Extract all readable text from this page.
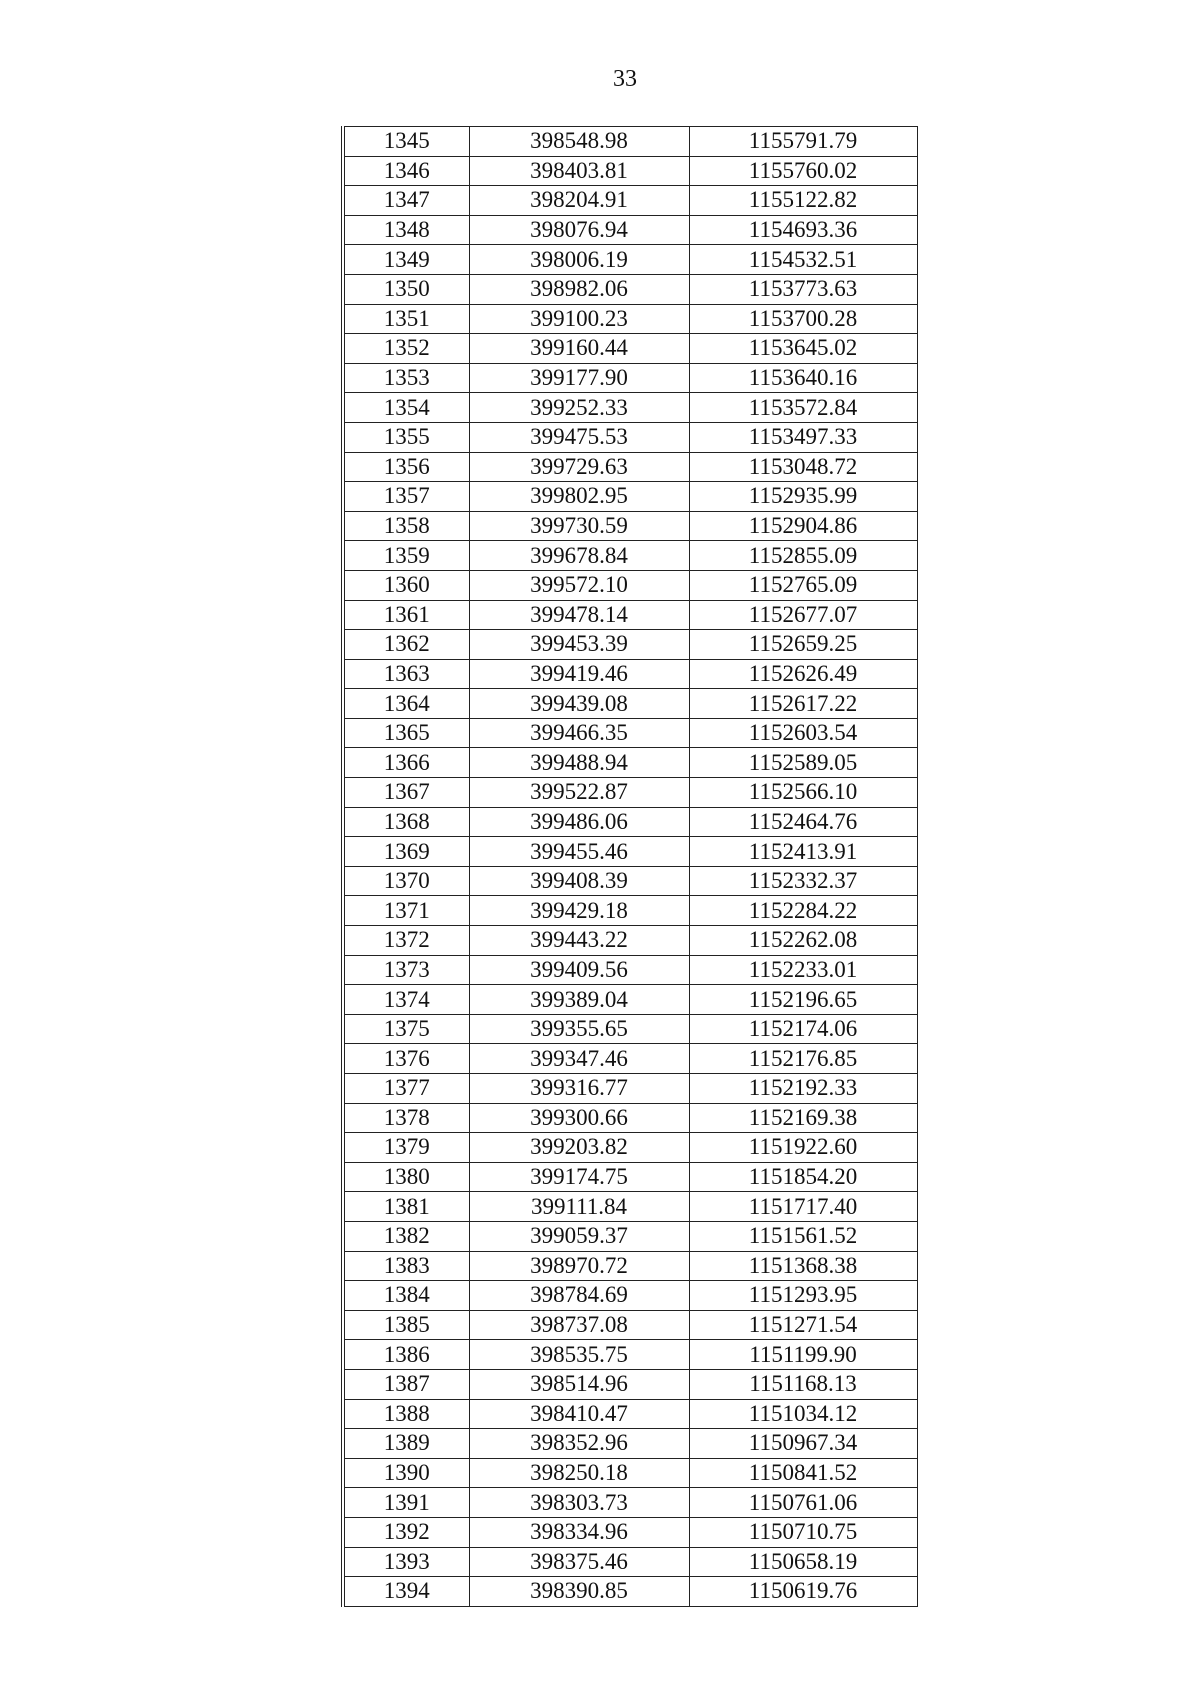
33
1345	398548.98	1155791.79
1346	398403.81	1155760.02
1347	398204.91	1155122.82
1348	398076.94	1154693.36
1349	398006.19	1154532.51
1350	398982.06	1153773.63
1351	399100.23	1153700.28
1352	399160.44	1153645.02
1353	399177.90	1153640.16
1354	399252.33	1153572.84
1355	399475.53	1153497.33
1356	399729.63	1153048.72
1357	399802.95	1152935.99
1358	399730.59	1152904.86
1359	399678.84	1152855.09
1360	399572.10	1152765.09
1361	399478.14	1152677.07
1362	399453.39	1152659.25
1363	399419.46	1152626.49
1364	399439.08	1152617.22
1365	399466.35	1152603.54
1366	399488.94	1152589.05
1367	399522.87	1152566.10
1368	399486.06	1152464.76
1369	399455.46	1152413.91
1370	399408.39	1152332.37
1371	399429.18	1152284.22
1372	399443.22	1152262.08
1373	399409.56	1152233.01
1374	399389.04	1152196.65
1375	399355.65	1152174.06
1376	399347.46	1152176.85
1377	399316.77	1152192.33
1378	399300.66	1152169.38
1379	399203.82	1151922.60
1380	399174.75	1151854.20
1381	399111.84	1151717.40
1382	399059.37	1151561.52
1383	398970.72	1151368.38
1384	398784.69	1151293.95
1385	398737.08	1151271.54
1386	398535.75	1151199.90
1387	398514.96	1151168.13
1388	398410.47	1151034.12
1389	398352.96	1150967.34
1390	398250.18	1150841.52
1391	398303.73	1150761.06
1392	398334.96	1150710.75
1393	398375.46	1150658.19
1394	398390.85	1150619.76
